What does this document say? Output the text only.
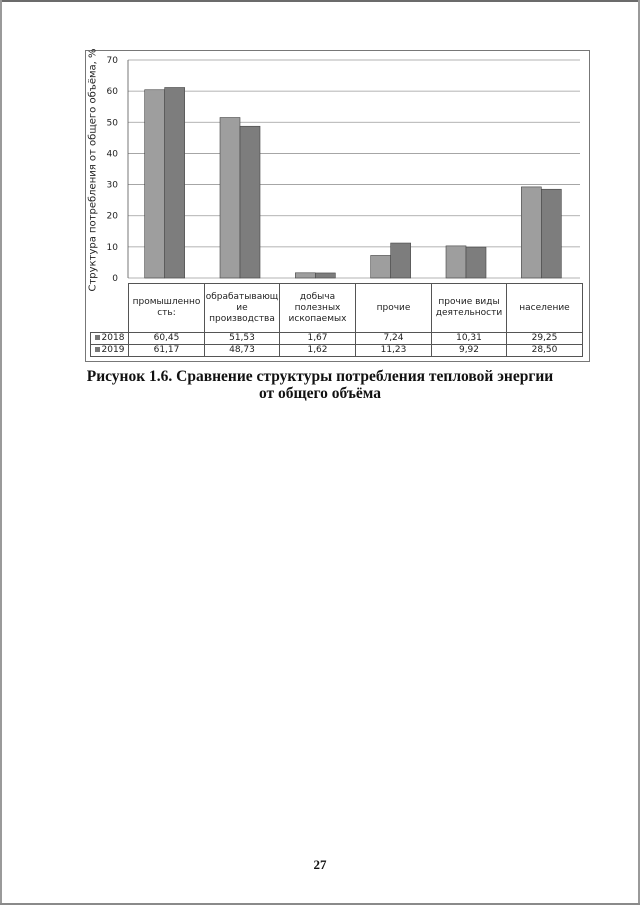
0
10
20
30
40
50
60
70
Структура потребления от общего объёма, %
	промышленно сть:	обрабатывающ ие производства	добыча полезных ископаемых	прочие	прочие виды деятельности	население
2018	60,45	51,53	1,67	7,24	10,31	29,25
2019	61,17	48,73	1,62	11,23	9,92	28,50
Рисунок 1.6. Сравнение структуры потребления тепловой энергии
от общего объёма
27
